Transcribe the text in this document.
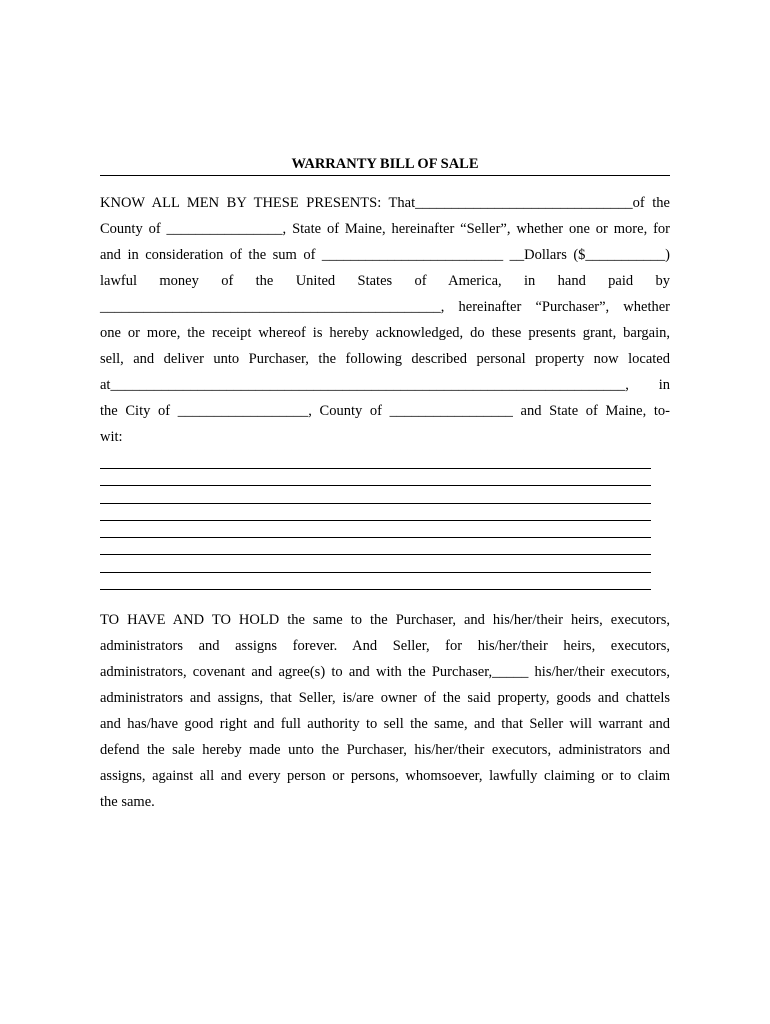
WARRANTY BILL OF SALE
KNOW ALL MEN BY THESE PRESENTS: That______________________________of the
County of ________________, State of Maine, hereinafter “Seller”, whether one or more, for
and in consideration of the sum of _________________________ __Dollars ($___________)
lawful money of the United States of America, in hand paid by
_______________________________________________, hereinafter “Purchaser”, whether
one or more, the receipt whereof is hereby acknowledged, do these presents grant, bargain,
sell, and deliver unto Purchaser, the following described personal property now located
at_______________________________________________________________________, in
the City of __________________, County of _________________ and State of Maine, to-
wit:
TO HAVE AND TO HOLD the same to the Purchaser, and his/her/their heirs, executors,
administrators and assigns forever. And Seller, for his/her/their heirs, executors,
administrators, covenant and agree(s) to and with the Purchaser,_____ his/her/their executors,
administrators and assigns, that Seller, is/are owner of the said property, goods and chattels
and has/have good right and full authority to sell the same, and that Seller will warrant and
defend the sale hereby made unto the Purchaser, his/her/their executors, administrators and
assigns, against all and every person or persons, whomsoever, lawfully claiming or to claim
the same.
